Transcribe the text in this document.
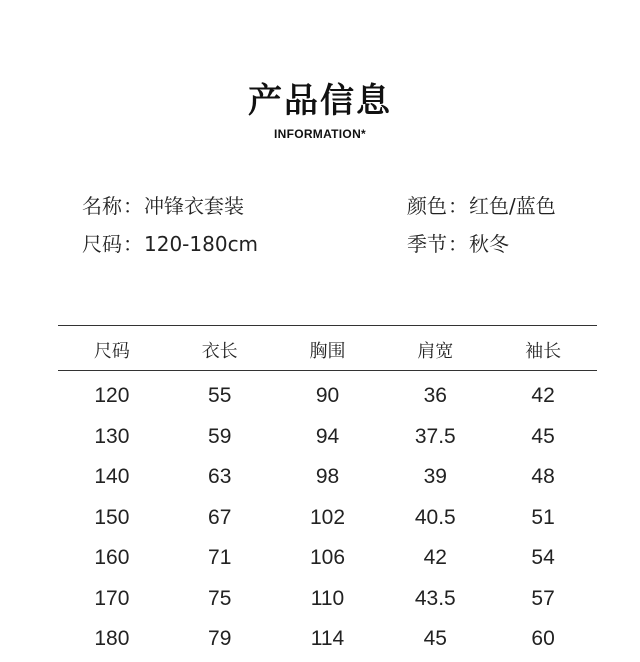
产品信息
INFORMATION*
名称：冲锋衣套装	颜色：红色/蓝色
尺码：120-180cm	季节：秋冬
尺码	衣长	胸围	肩宽	袖长

120	55	90	36	42
130	59	94	37.5	45
140	63	98	39	48
150	67	102	40.5	51
160	71	106	42	54
170	75	110	43.5	57
180	79	114	45	60
